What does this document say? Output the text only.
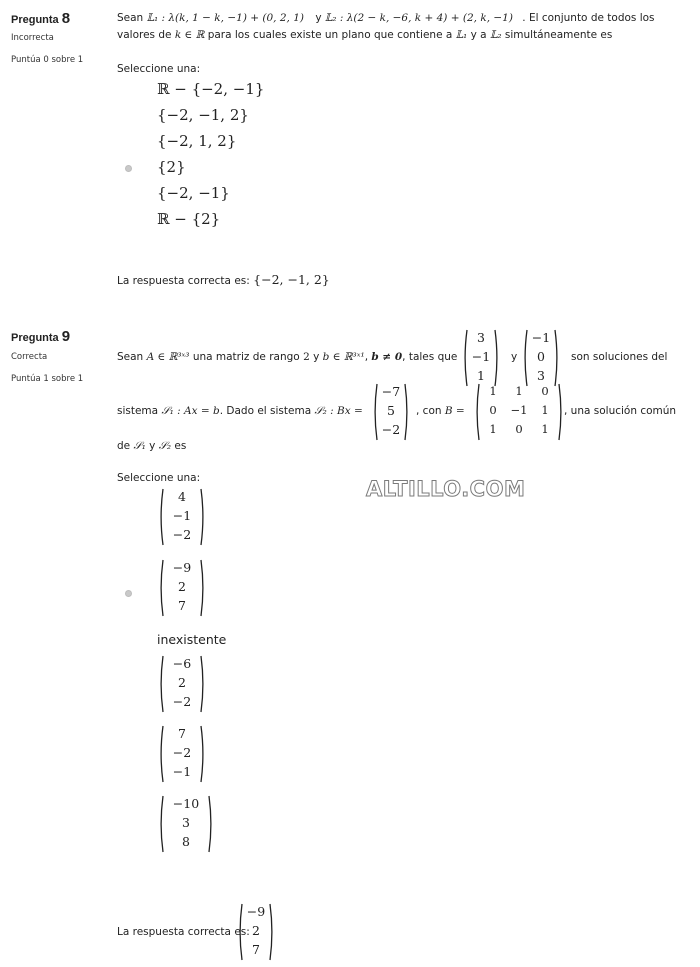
Pregunta 8
Incorrecta
Puntúa 0 sobre 1
Sean 𝕃₁ : λ(k, 1 − k, −1) + (0, 2, 1) y 𝕃₂ : λ(2 − k, −6, k + 4) + (2, k, −1) . El conjunto de todos los
valores de k ∈ ℝ para los cuales existe un plano que contiene a 𝕃₁ y a 𝕃₂ simultáneamente es
Seleccione una:
ℝ − {−2, −1}
{−2, −1, 2}
{−2, 1, 2}
{2}
{−2, −1}
ℝ − {2}
La respuesta correcta es: {−2, −1, 2}
Pregunta 9
Correcta
Puntúa 1 sobre 1
Sean A ∈ ℝ³ˣ³ una matriz de rango 2 y b ∈ ℝ³ˣ¹, b ≠ 0, tales que
3
−1
1
y
−1
0
3
son soluciones del
sistema 𝒮₁ : Ax = b. Dado el sistema 𝒮₂ : Bx =
−7
5
−2
, con B =
1	1	0
0	−1	1
1	0	1
, una solución común
de 𝒮₁ y 𝒮₂ es
Seleccione una:	ALTILLO.COM
4
−1
−2
−9
2
7
inexistente
−6
2
−2
7
−2
−1
−10
3
8
La respuesta correcta es:
−9
2
7
